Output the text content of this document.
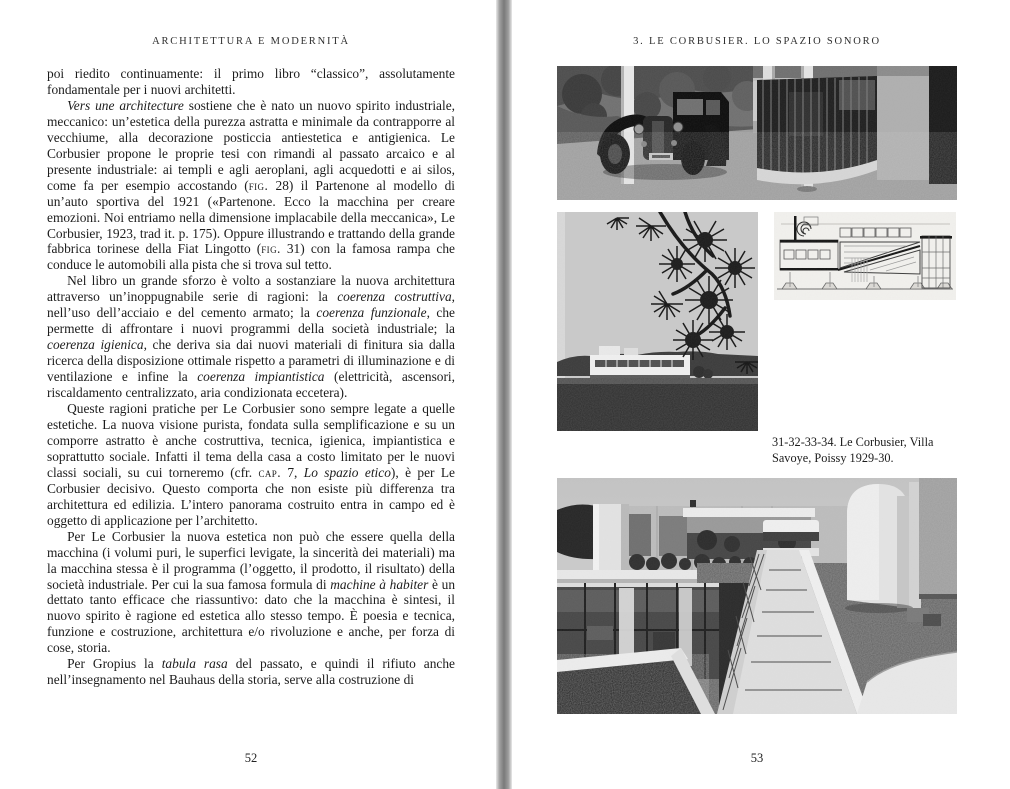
ARCHITETTURA E MODERNITÀ

poi riedito continuamente: il primo libro “classico”, assolutamente fondamentale per i nuovi architetti.

Vers une architecture sostiene che è nato un nuovo spirito industriale, meccanico: un’estetica della purezza astratta e minimale da contrapporre al vecchiume, alla decorazione posticcia antiestetica e antigienica. Le Corbusier propone le proprie tesi con rimandi al passato arcaico e al presente industriale: ai templi e agli aeroplani, agli acquedotti e ai silos, come fa per esempio accostando (fig. 28) il Partenone al modello di un’auto sportiva del 1921 («Partenone. Ecco la macchina per creare emozioni. Noi entriamo nella dimensione implacabile della meccanica», Le Corbusier, 1923, trad it. p. 175). Oppure illustrando e trattando della grande fabbrica torinese della Fiat Lingotto (fig. 31) con la famosa rampa che conduce le automobili alla pista che si trova sul tetto.

Nel libro un grande sforzo è volto a sostanziare la nuova architettura attraverso un’inoppugnabile serie di ragioni: la coerenza costruttiva, nell’uso dell’acciaio e del cemento armato; la coerenza funzionale, che permette di affrontare i nuovi programmi della società industriale; la coerenza igienica, che deriva sia dai nuovi materiali di finitura sia dalla ricerca della disposizione ottimale rispetto a parametri di illuminazione e di ventilazione e infine la coerenza impiantistica (elettricità, ascensori, riscaldamento centralizzato, aria condizionata eccetera).

Queste ragioni pratiche per Le Corbusier sono sempre legate a quelle estetiche. La nuova visione purista, fondata sulla semplificazione e su un comporre astratto è anche costruttiva, tecnica, igienica, impiantistica e soprattutto sociale. Infatti il tema della casa a costo limitato per le nuovi classi sociali, su cui torneremo (cfr. cap. 7, Lo spazio etico), è per Le Corbusier decisivo. Questo comporta che non esiste più differenza tra architettura ed edilizia. L’intero panorama costruito entra in campo ed è oggetto di applicazione per l’architetto.

Per Le Corbusier la nuova estetica non può che essere quella della macchina (i volumi puri, le superfici levigate, la sincerità dei materiali) ma la macchina stessa è il programma (l’oggetto, il prodotto, il risultato) della società industriale. Per cui la sua famosa formula di machine à habiter è un dettato tanto efficace che riassuntivo: dato che la macchina è sintesi, il nuovo spirito è ragione ed estetica allo stesso tempo. È poesia e tecnica, funzione e costruzione, architettura e/o rivoluzione e anche, per forza di cose, storia.

Per Gropius la tabula rasa del passato, e quindi il rifiuto anche nell’insegnamento nel Bauhaus della storia, serve alla costruzione di

52
3. LE CORBUSIER. LO SPAZIO SONORO
31-32-33-34. Le Corbusier, Villa Savoye, Poissy 1929-30.
53
